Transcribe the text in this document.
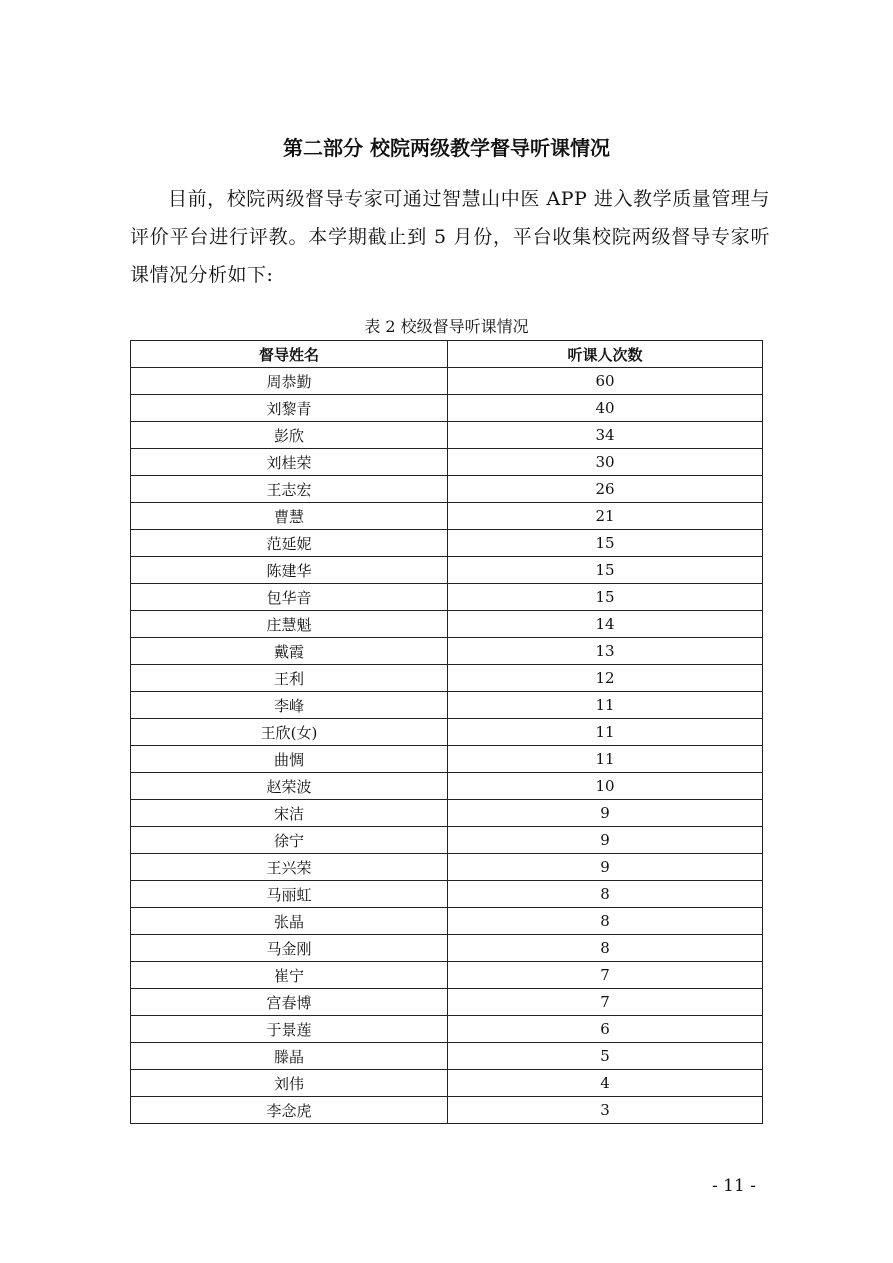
第二部分 校院两级教学督导听课情况
目前，校院两级督导专家可通过智慧山中医 APP 进入教学质量管理与评价平台进行评教。本学期截止到 5 月份，平台收集校院两级督导专家听课情况分析如下:
表 2 校级督导听课情况
督导姓名	听课人次数
周恭勤	60
刘黎青	40
彭欣	34
刘桂荣	30
王志宏	26
曹慧	21
范延妮	15
陈建华	15
包华音	15
庄慧魁	14
戴霞	13
王利	12
李峰	11
王欣(女)	11
曲惆	11
赵荣波	10
宋洁	9
徐宁	9
王兴荣	9
马丽虹	8
张晶	8
马金刚	8
崔宁	7
宫春博	7
于景莲	6
滕晶	5
刘伟	4
李念虎	3
- 11 -
